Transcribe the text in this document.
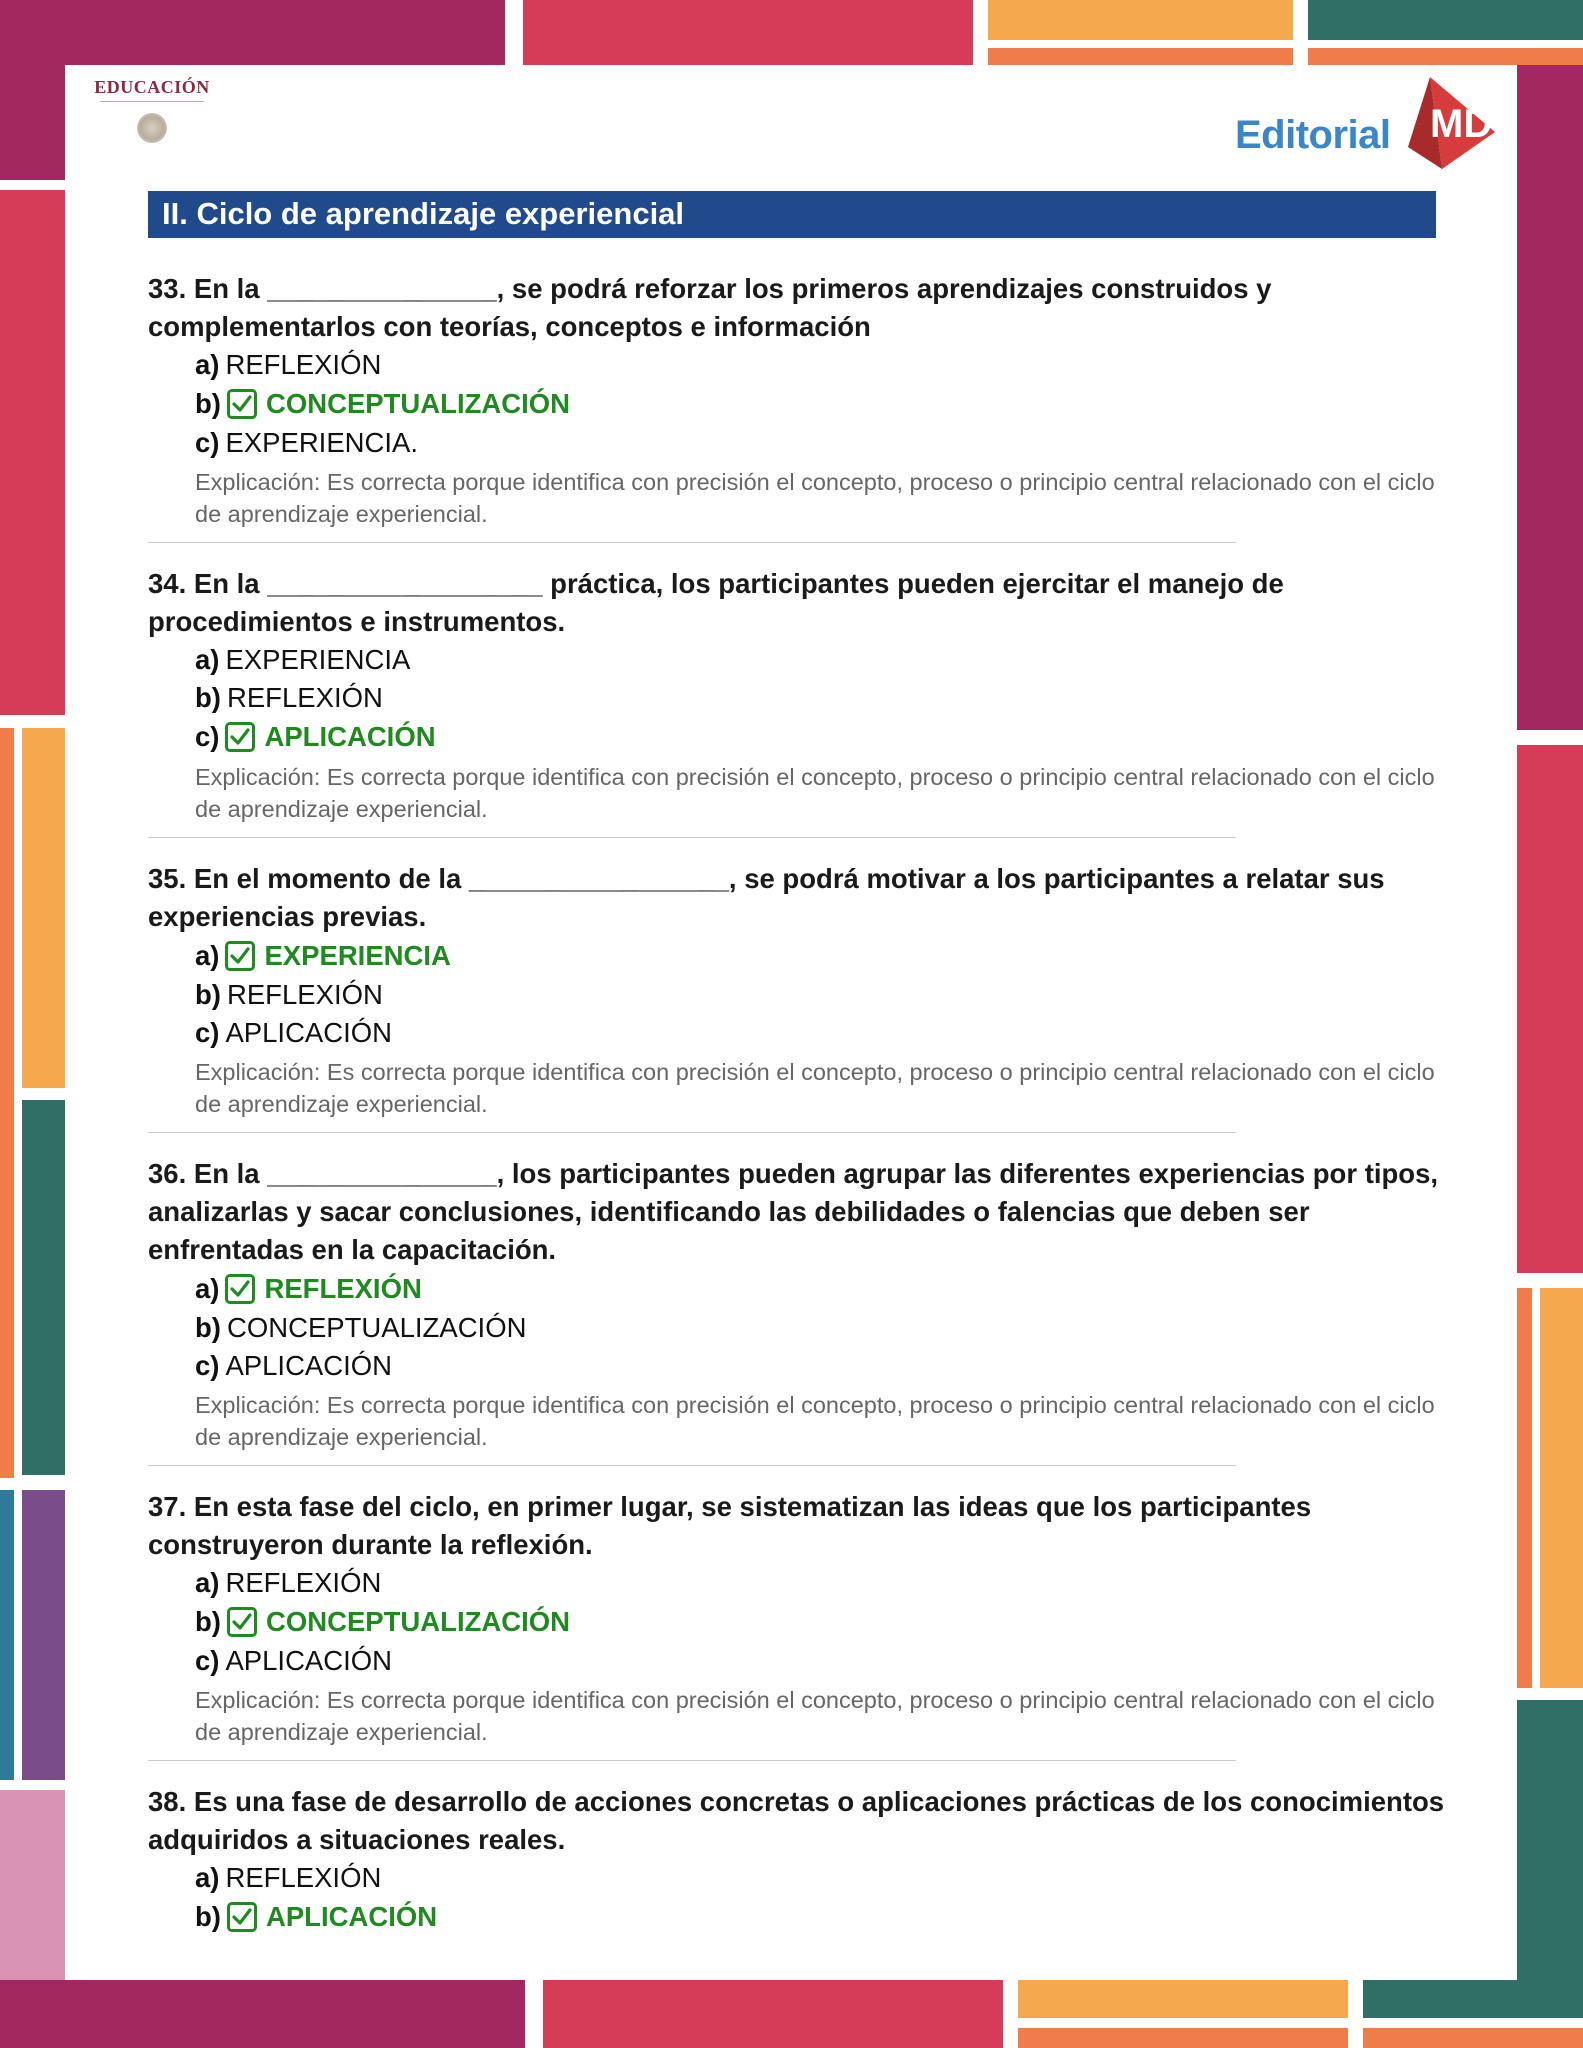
EDUCACIÓN
Editorial MD
II. Ciclo de aprendizaje experiencial
33. En la _______________, se podrá reforzar los primeros aprendizajes construidos y complementarlos con teorías, conceptos e información
a) REFLEXIÓN
b) CONCEPTUALIZACIÓN
c) EXPERIENCIA.
Explicación: Es correcta porque identifica con precisión el concepto, proceso o principio central relacionado con el ciclo de aprendizaje experiencial.
34. En la __________________ práctica, los participantes pueden ejercitar el manejo de procedimientos e instrumentos.
a) EXPERIENCIA
b) REFLEXIÓN
c) APLICACIÓN
Explicación: Es correcta porque identifica con precisión el concepto, proceso o principio central relacionado con el ciclo de aprendizaje experiencial.
35. En el momento de la _________________, se podrá motivar a los participantes a relatar sus experiencias previas.
a) EXPERIENCIA
b) REFLEXIÓN
c) APLICACIÓN
Explicación: Es correcta porque identifica con precisión el concepto, proceso o principio central relacionado con el ciclo de aprendizaje experiencial.
36. En la _______________, los participantes pueden agrupar las diferentes experiencias por tipos, analizarlas y sacar conclusiones, identificando las debilidades o falencias que deben ser enfrentadas en la capacitación.
a) REFLEXIÓN
b) CONCEPTUALIZACIÓN
c) APLICACIÓN
Explicación: Es correcta porque identifica con precisión el concepto, proceso o principio central relacionado con el ciclo de aprendizaje experiencial.
37. En esta fase del ciclo, en primer lugar, se sistematizan las ideas que los participantes construyeron durante la reflexión.
a) REFLEXIÓN
b) CONCEPTUALIZACIÓN
c) APLICACIÓN
Explicación: Es correcta porque identifica con precisión el concepto, proceso o principio central relacionado con el ciclo de aprendizaje experiencial.
38. Es una fase de desarrollo de acciones concretas o aplicaciones prácticas de los conocimientos adquiridos a situaciones reales.
a) REFLEXIÓN
b) APLICACIÓN
